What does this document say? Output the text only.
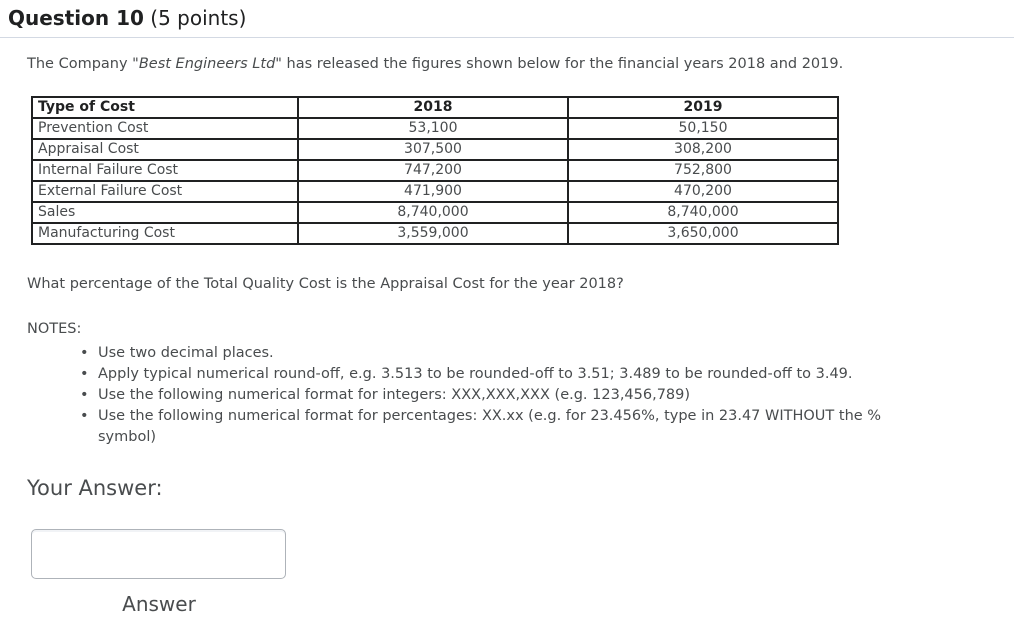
Question 10 (5 points)
The Company "Best Engineers Ltd" has released the figures shown below for the financial years 2018 and 2019.
Type of Cost	2018	2019
Prevention Cost	53,100	50,150
Appraisal Cost	307,500	308,200
Internal Failure Cost	747,200	752,800
External Failure Cost	471,900	470,200
Sales	8,740,000	8,740,000
Manufacturing Cost	3,559,000	3,650,000
What percentage of the Total Quality Cost is the Appraisal Cost for the year 2018?
NOTES:
• Use two decimal places.
• Apply typical numerical round-off, e.g. 3.513 to be rounded-off to 3.51; 3.489 to be rounded-off to 3.49.
• Use the following numerical format for integers: XXX,XXX,XXX (e.g. 123,456,789)
• Use the following numerical format for percentages: XX.xx (e.g. for 23.456%, type in 23.47 WITHOUT the % symbol)
Your Answer:
Answer
